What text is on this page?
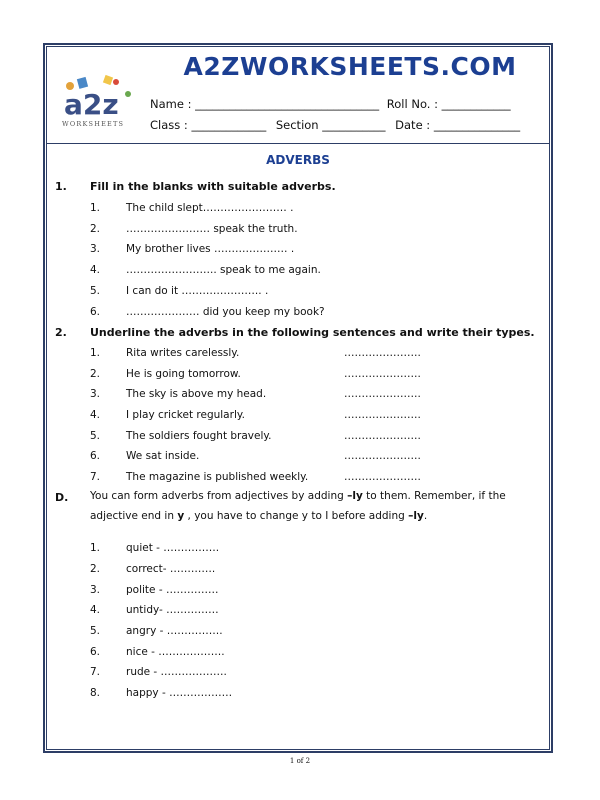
a2z
WORKSHEETS
A2ZWORKSHEETS.COM
Name : ________________________________ Roll No. : ____________
Class : _____________ Section ___________ Date : _______________
ADVERBS
1.	Fill in the blanks with suitable adverbs.
1. The child slept…………………… .
2. …………………… speak the truth.
3. My brother lives ………………… .
4. …………………….. speak to me again.
5. I can do it ………………….. .
6. ………………… did you keep my book?
2.	Underline the adverbs in the following sentences and write their types.
1. Rita writes carelessly.	………………….
2. He is going tomorrow.	………………….
3. The sky is above my head.	………………….
4. I play cricket regularly.	………………….
5. The soldiers fought bravely.	………………….
6. We sat inside.	………………….
7. The magazine is published weekly.	………………….
D.	You can form adverbs from adjectives by adding –ly to them. Remember, if the adjective end in y , you have to change y to I before adding –ly.
1. quiet - …………….
2. correct- ………….
3. polite - ……………
4. untidy- ……………
5. angry - …………….
6. nice - ……………….
7. rude - ……………….
8. happy - ………………
1 of 2
